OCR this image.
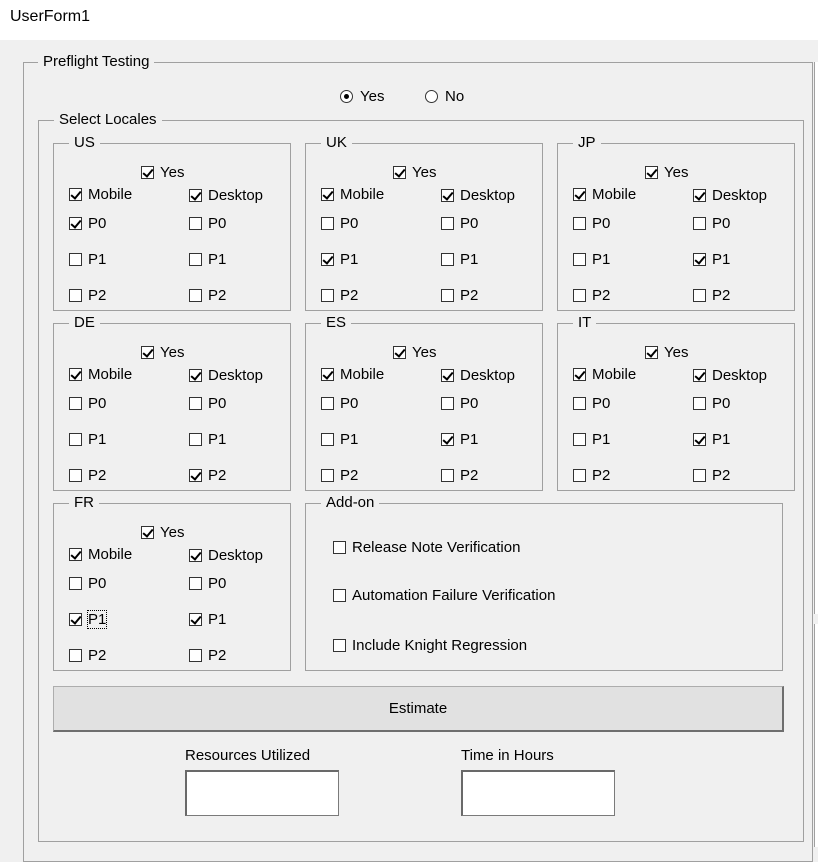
UserForm1
Preflight Testing
Yes	No
Select Locales
US
Yes
Mobile	Desktop
P0	P0
P1	P1
P2	P2
UK
Yes
Mobile	Desktop
P0	P0
P1	P1
P2	P2
JP
Yes
Mobile	Desktop
P0	P0
P1	P1
P2	P2
DE
Yes
Mobile	Desktop
P0	P0
P1	P1
P2	P2
ES
Yes
Mobile	Desktop
P0	P0
P1	P1
P2	P2
IT
Yes
Mobile	Desktop
P0	P0
P1	P1
P2	P2
FR
Yes
Mobile	Desktop
P0	P0
P1	P1
P2	P2
Add-on
Release Note Verification
Automation Failure Verification
Include Knight Regression
Estimate
Resources Utilized	Time in Hours
